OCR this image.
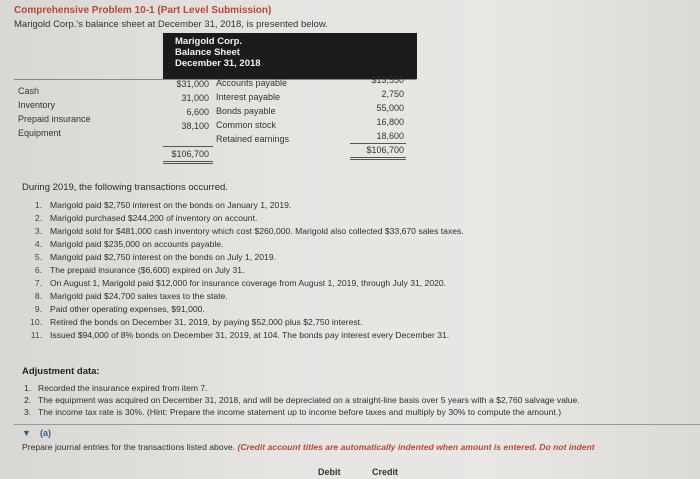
Comprehensive Problem 10-1 (Part Level Submission)
Marigold Corp.'s balance sheet at December 31, 2018, is presented below.
Marigold Corp.
Balance Sheet
December 31, 2018
Cash
Inventory
Prepaid insurance
Equipment
$31,000
31,000
6,600
38,100
Accounts payable
Interest payable
Bonds payable
Common stock
Retained earnings
$13,550
2,750
55,000
16,800
18,600
$106,700	$106,700
During 2019, the following transactions occurred.
1. Marigold paid $2,750 interest on the bonds on January 1, 2019.
2. Marigold purchased $244,200 of inventory on account.
3. Marigold sold for $481,000 cash inventory which cost $260,000. Marigold also collected $33,670 sales taxes.
4. Marigold paid $235,000 on accounts payable.
5. Marigold paid $2,750 interest on the bonds on July 1, 2019.
6. The prepaid insurance ($6,600) expired on July 31.
7. On August 1, Marigold paid $12,000 for insurance coverage from August 1, 2019, through July 31, 2020.
8. Marigold paid $24,700 sales taxes to the state.
9. Paid other operating expenses, $91,000.
10. Retired the bonds on December 31, 2019, by paying $52,000 plus $2,750 interest.
11. Issued $94,000 of 8% bonds on December 31, 2019, at 104. The bonds pay interest every December 31.
Adjustment data:
1. Recorded the insurance expired from item 7.
2. The equipment was acquired on December 31, 2018, and will be depreciated on a straight-line basis over 5 years with a $2,760 salvage value.
3. The income tax rate is 30%. (Hint: Prepare the income statement up to income before taxes and multiply by 30% to compute the amount.)
▼ (a)
Prepare journal entries for the transactions listed above. (Credit account titles are automatically indented when amount is entered. Do not indent
Debit	Credit
